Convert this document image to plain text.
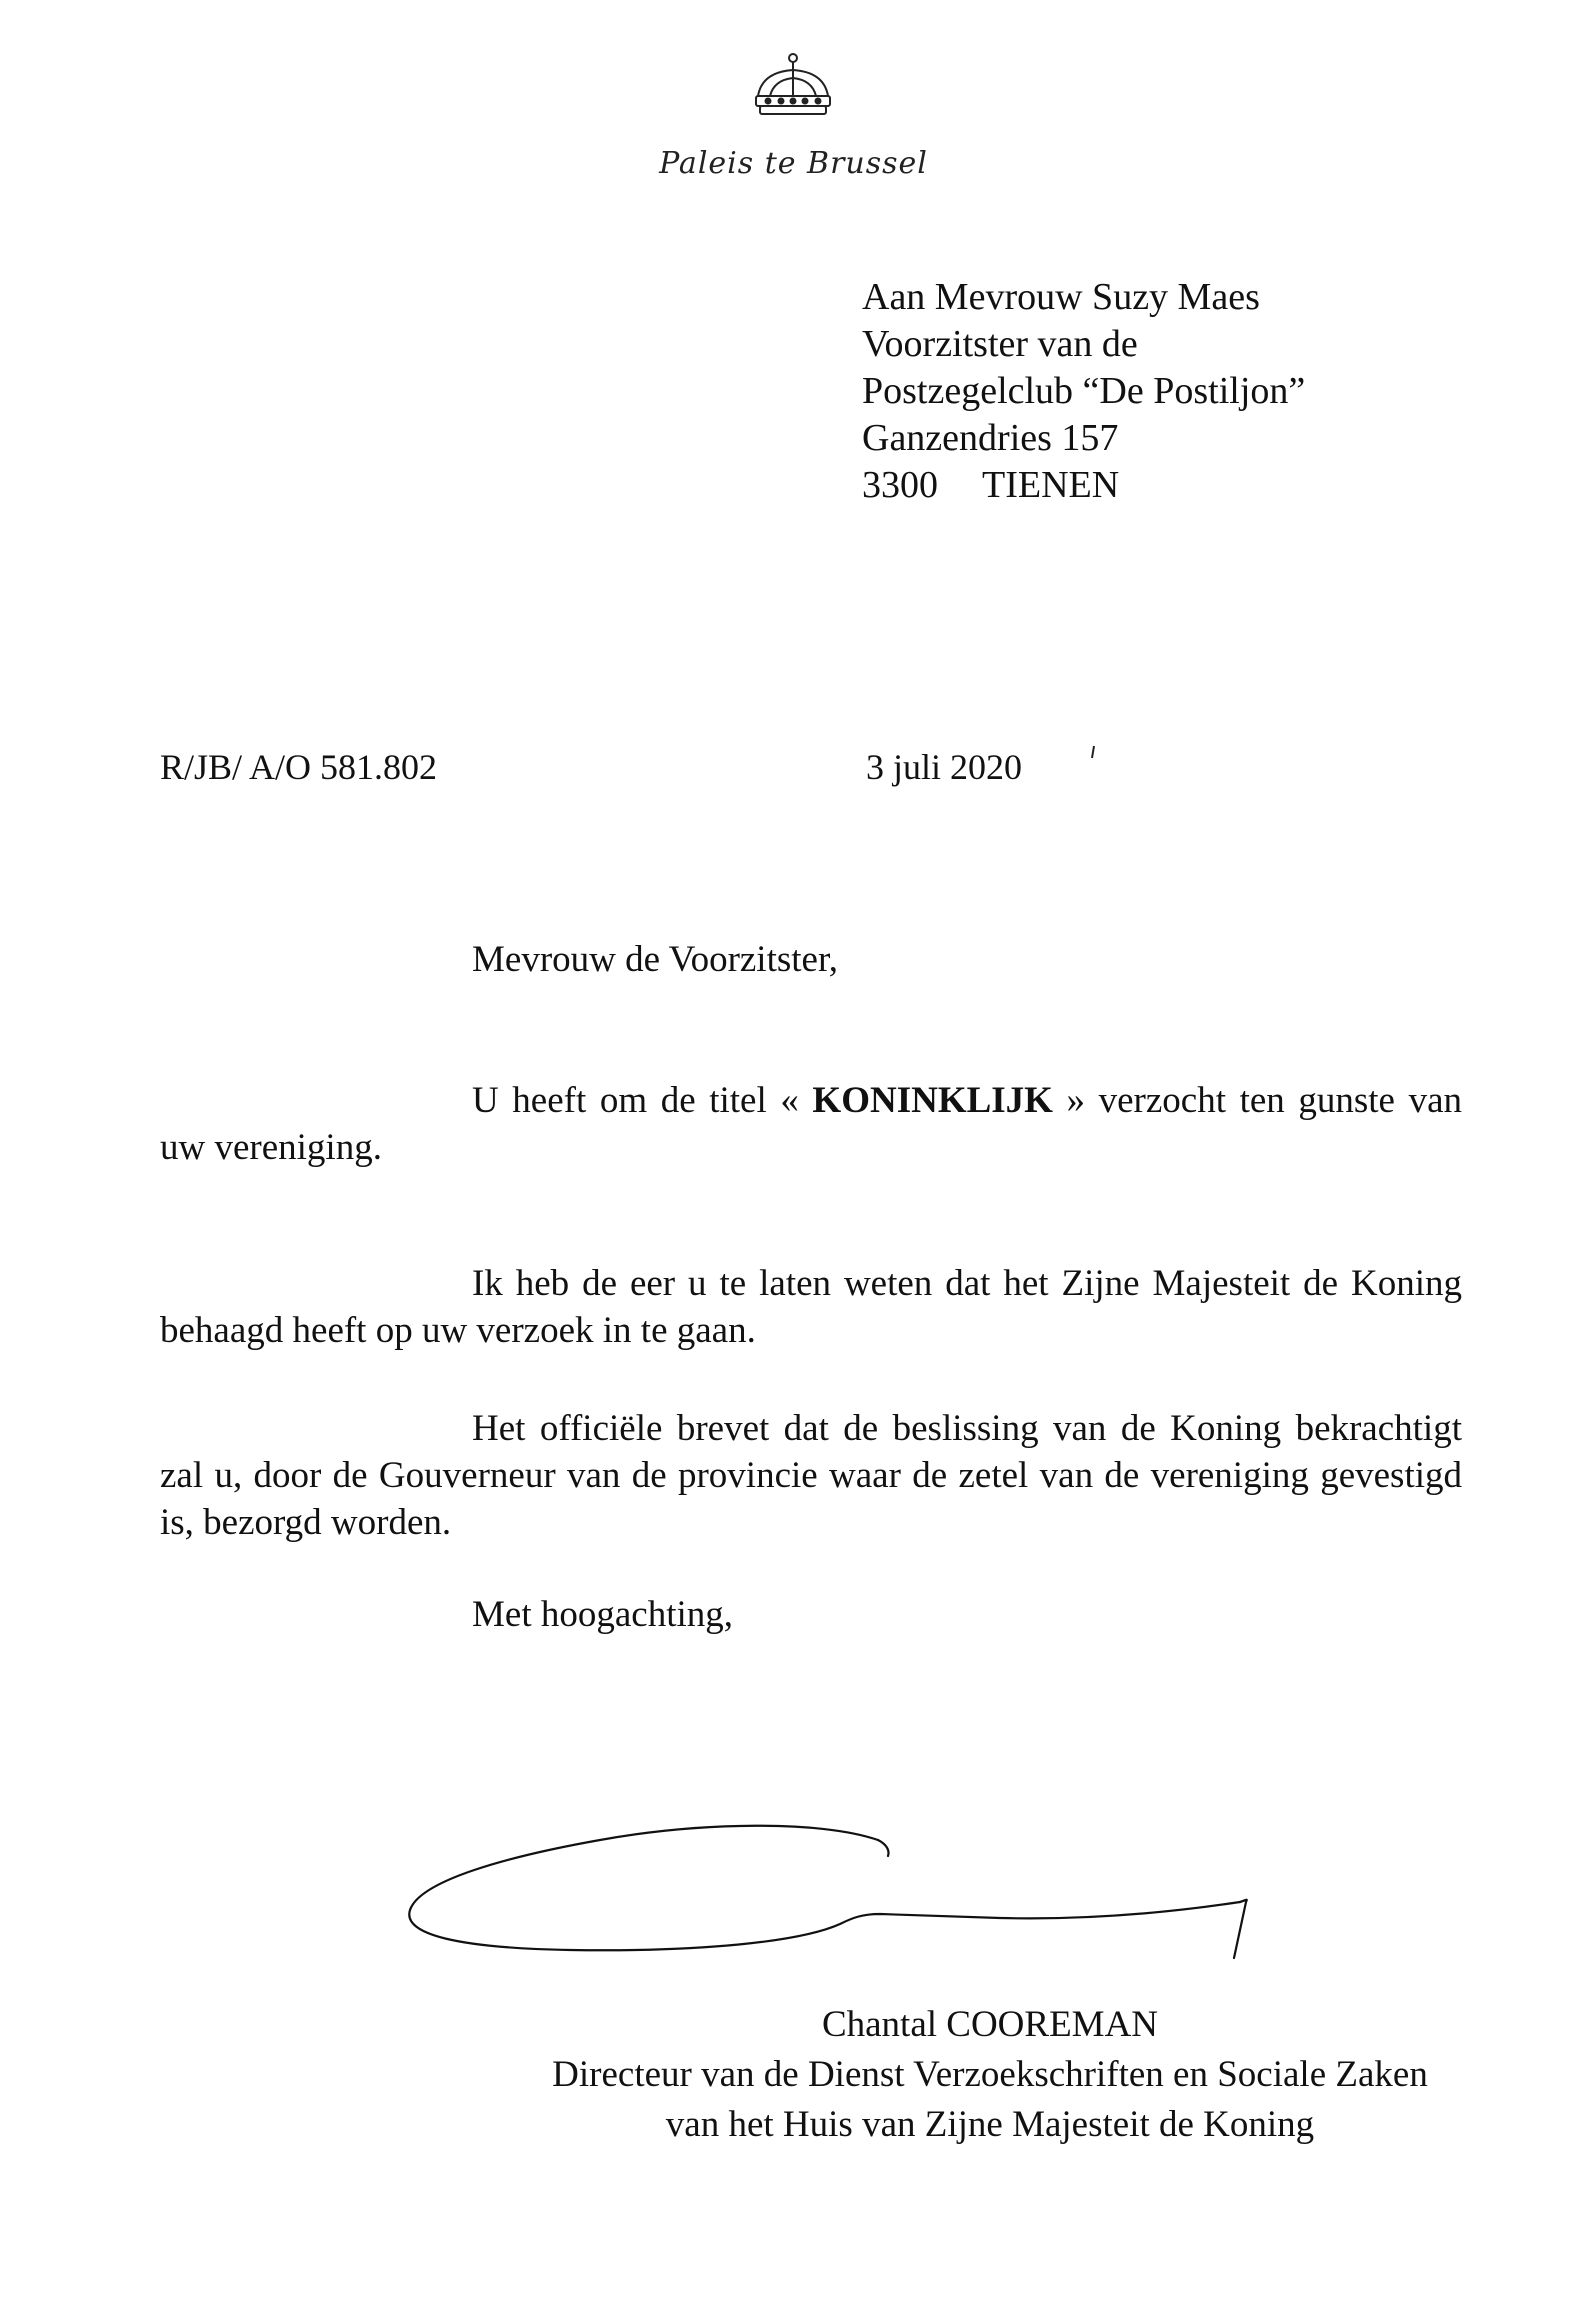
Paleis te Brussel
Aan Mevrouw Suzy Maes
Voorzitster van de
Postzegelclub “De Postiljon”
Ganzendries 157
3300 TIENEN
R/JB/ A/O 581.802	3 juli 2020
Mevrouw de Voorzitster,
U heeft om de titel « KONINKLIJK » verzocht ten gunste van uw vereniging.
Ik heb de eer u te laten weten dat het Zijne Majesteit de Koning behaagd heeft op uw verzoek in te gaan.
Het officiële brevet dat de beslissing van de Koning bekrachtigt zal u, door de Gouverneur van de provincie waar de zetel van de vereniging gevestigd is, bezorgd worden.
Met hoogachting,
Chantal COOREMAN
Directeur van de Dienst Verzoekschriften en Sociale Zaken
van het Huis van Zijne Majesteit de Koning
